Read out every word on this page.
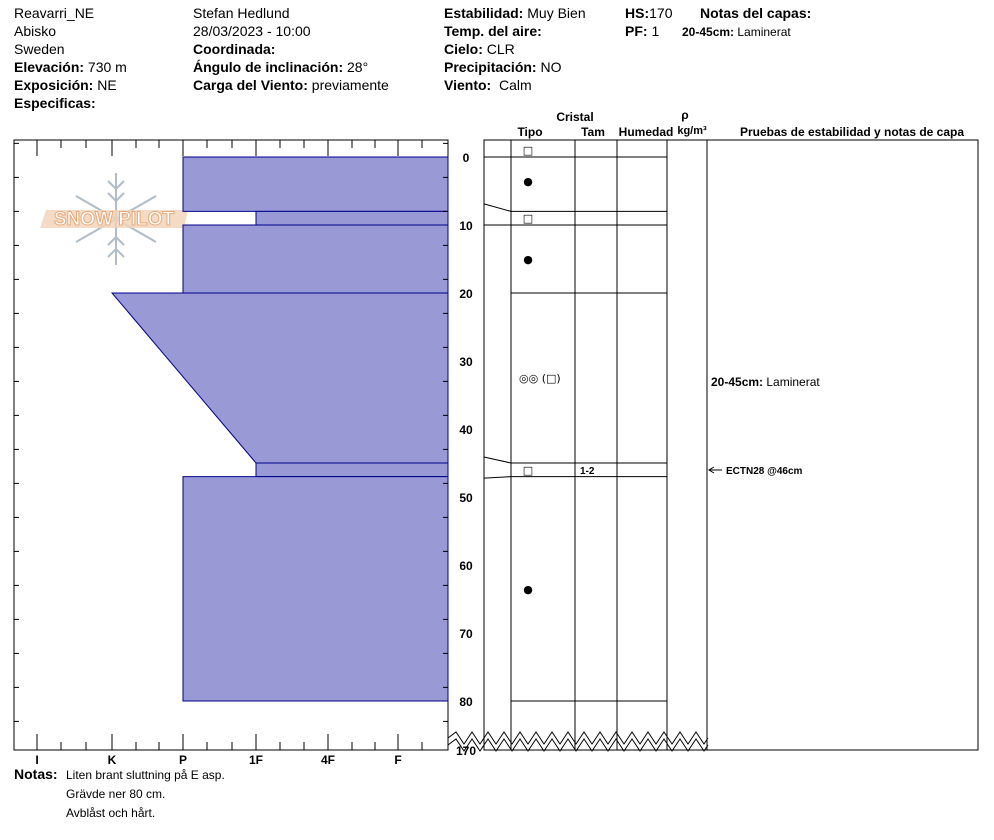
Reavarri_NE
Abisko
Sweden
Elevación: 730 m
Exposición: NE
Especificas:
Stefan Hedlund
28/03/2023 - 10:00
Coordinada:
Ángulo de inclinación: 28°
Carga del Viento: previamente
Estabilidad: Muy Bien
Temp. del aire:
Cielo: CLR
Precipitación: NO
Viento: Calm
HS:170
PF: 1
Notas del capas:
20-45cm: Laminerat
SNOW PILOT
I	K	P	1F	4F	F
0
10
20
30
40
50
60
70
80
170
□
●
□
●
◎◎ (□)
□
●
Cristal
Tipo	Tam Humedad
ρ
kg/m³	Pruebas de estabilidad y notas de capa
1-2	ECTN28 @46cm
20-45cm: Laminerat
Notas: Liten brant sluttning på E asp.
Grävde ner 80 cm.
Avblåst och hårt.
